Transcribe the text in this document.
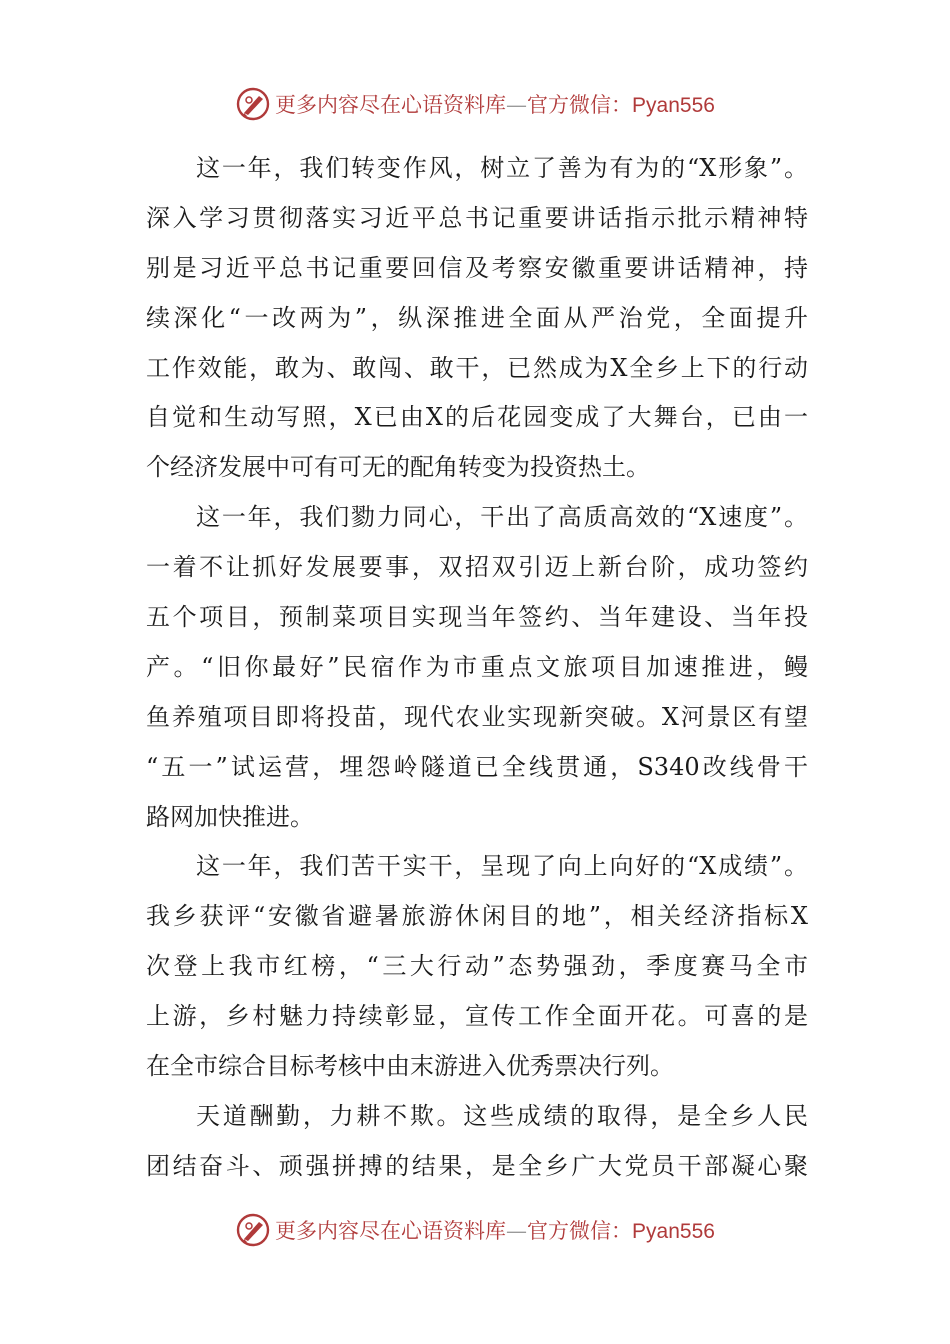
更多内容尽在心语资料库—官方微信：Pyan556
这一年，我们转变作风，树立了善为有为的“X形象”。
深入学习贯彻落实习近平总书记重要讲话指示批示精神特
别是习近平总书记重要回信及考察安徽重要讲话精神，持
续深化“一改两为”，纵深推进全面从严治党，全面提升
工作效能，敢为、敢闯、敢干，已然成为X全乡上下的行动
自觉和生动写照，X已由X的后花园变成了大舞台，已由一
个经济发展中可有可无的配角转变为投资热土。
这一年，我们勠力同心，干出了高质高效的“X速度”。
一着不让抓好发展要事，双招双引迈上新台阶，成功签约
五个项目，预制菜项目实现当年签约、当年建设、当年投
产。“旧你最好”民宿作为市重点文旅项目加速推进，鳗
鱼养殖项目即将投苗，现代农业实现新突破。X河景区有望
“五一”试运营，埋怨岭隧道已全线贯通，S340改线骨干
路网加快推进。
这一年，我们苦干实干，呈现了向上向好的“X成绩”。
我乡获评“安徽省避暑旅游休闲目的地”，相关经济指标X
次登上我市红榜，“三大行动”态势强劲，季度赛马全市
上游，乡村魅力持续彰显，宣传工作全面开花。可喜的是
在全市综合目标考核中由末游进入优秀票决行列。
天道酬勤，力耕不欺。这些成绩的取得，是全乡人民
团结奋斗、顽强拼搏的结果，是全乡广大党员干部凝心聚
更多内容尽在心语资料库—官方微信：Pyan556
